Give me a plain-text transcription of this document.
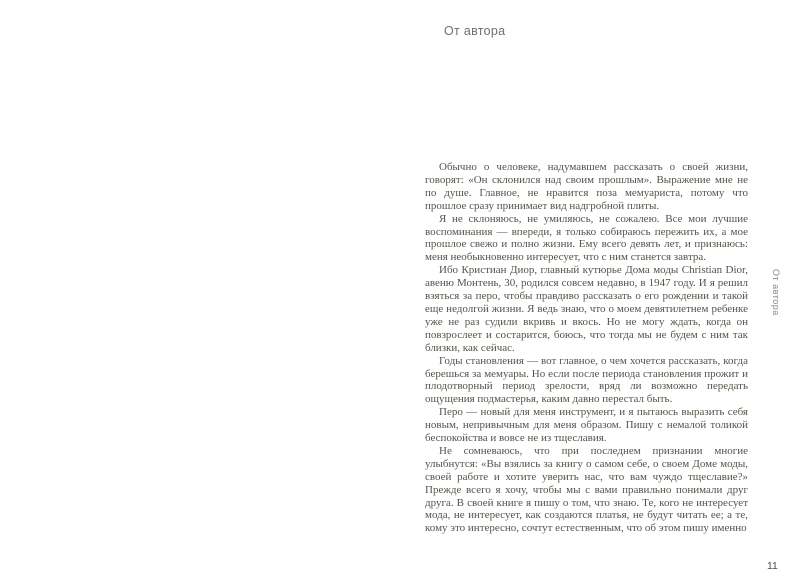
От автора

Обычно о человеке, надумавшем рассказать о своей жизни, говорят: «Он склонился над своим прошлым». Выражение мне не по душе. Главное, не нравится поза мемуариста, потому что прошлое сразу принимает вид надгробной плиты.

Я не склоняюсь, не умиляюсь, не сожалею. Все мои лучшие воспоминания — впереди, я только собираюсь пережить их, а мое прошлое свежо и полно жизни. Ему всего девять лет, и признаюсь: меня необыкновенно интересует, что с ним станется завтра.

Ибо Кристиан Диор, главный кутюрье Дома моды Christian Dior, авеню Монтень, 30, родился совсем недавно, в 1947 году. И я решил взяться за перо, чтобы правдиво рассказать о его рождении и такой еще недолгой жизни. Я ведь знаю, что о моем девятилетнем ребенке уже не раз судили вкривь и вкось. Но не могу ждать, когда он повзрослеет и состарится, боюсь, что тогда мы не будем с ним так близки, как сейчас.

Годы становления — вот главное, о чем хочется рассказать, когда берешься за мемуары. Но если после периода становления прожит и плодотворный период зрелости, вряд ли возможно передать ощущения подмастерья, каким давно перестал быть.

Перо — новый для меня инструмент, и я пытаюсь выразить себя новым, непривычным для меня образом. Пишу с немалой толикой беспокойства и вовсе не из тщеславия.

Не сомневаюсь, что при последнем признании многие улыбнутся: «Вы взялись за книгу о самом себе, о своем Доме моды, своей работе и хотите уверить нас, что вам чуждо тщеславие?» Прежде всего я хочу, чтобы мы с вами правильно понимали друг друга. В своей книге я пишу о том, что знаю. Те, кого не интересует мода, не интересует, как создаются платья, не будут читать ее; а те, кому это интересно, сочтут естественным, что об этом пишу именно

От автора
11
